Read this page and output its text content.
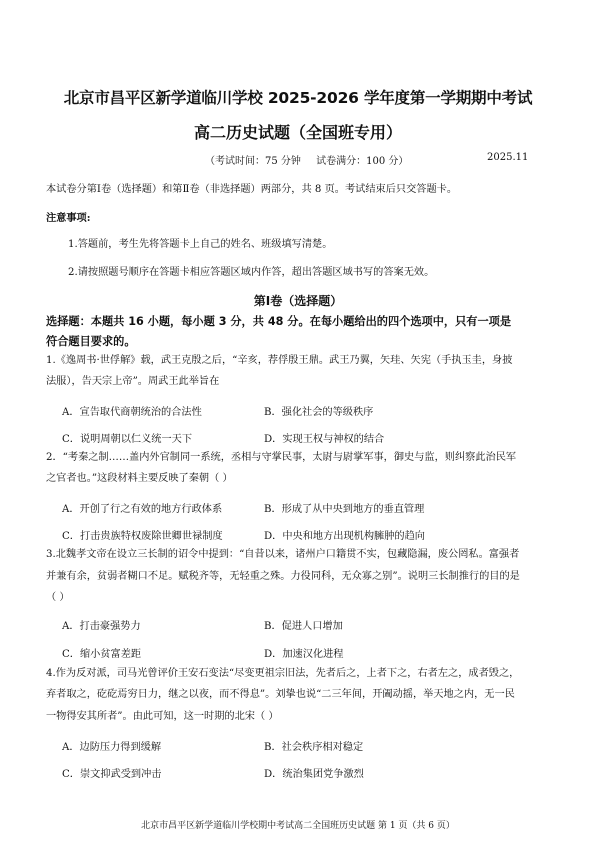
北京市昌平区新学道临川学校 2025-2026 学年度第一学期期中考试
高二历史试题（全国班专用）
（考试时间：75 分钟 试卷满分：100 分）	2025.11
本试卷分第Ⅰ卷（选择题）和第Ⅱ卷（非选择题）两部分，共 8 页。考试结束后只交答题卡。
注意事项:
1.答题前，考生先将答题卡上自己的姓名、班级填写清楚。
2.请按照题号顺序在答题卡相应答题区域内作答，超出答题区域书写的答案无效。
第Ⅰ卷（选择题）
选择题：本题共 16 小题，每小题 3 分，共 48 分。在每小题给出的四个选项中，只有一项是
符合题目要求的。
1.《逸周书·世俘解》载，武王克殷之后，“辛亥，荐俘殷王鼎。武王乃翼，矢珪、矢宪（手执玉圭，身披
法服），告天宗上帝”。周武王此举旨在
A．宣告取代商朝统治的合法性	B．强化社会的等级秩序
C．说明周朝以仁义统一天下	D．实现王权与神权的结合
2．“考秦之制……盖内外官制同一系统，丞相与守掌民事，太尉与尉掌军事，御史与监，则纠察此治民军
之官者也。”这段材料主要反映了秦朝（ ）
A．开创了行之有效的地方行政体系	B．形成了从中央到地方的垂直管理
C．打击贵族特权废除世卿世禄制度	D．中央和地方出现机构臃肿的趋向
3.北魏孝文帝在设立三长制的诏令中提到：“自昔以来，诸州户口籍贯不实，包藏隐漏，废公罔私。富强者
并兼有余，贫弱者糊口不足。赋税齐等，无轻重之殊。力役同科，无众寡之别”。说明三长制推行的目的是
（ ）
A．打击豪强势力	B．促进人口增加
C．缩小贫富差距	D．加速汉化进程
4.作为反对派，司马光曾评价王安石变法“尽变更祖宗旧法，先者后之，上者下之，右者左之，成者毁之，
弃者取之，矻矻焉穷日力，继之以夜，而不得息”。刘挚也说“二三年间，开阖动摇，举天地之内，无一民
一物得安其所者”。由此可知，这一时期的北宋（ ）
A．边防压力得到缓解	B．社会秩序相对稳定
C．崇文抑武受到冲击	D．统治集团党争激烈
北京市昌平区新学道临川学校期中考试高二全国班历史试题 第 1 页（共 6 页）
